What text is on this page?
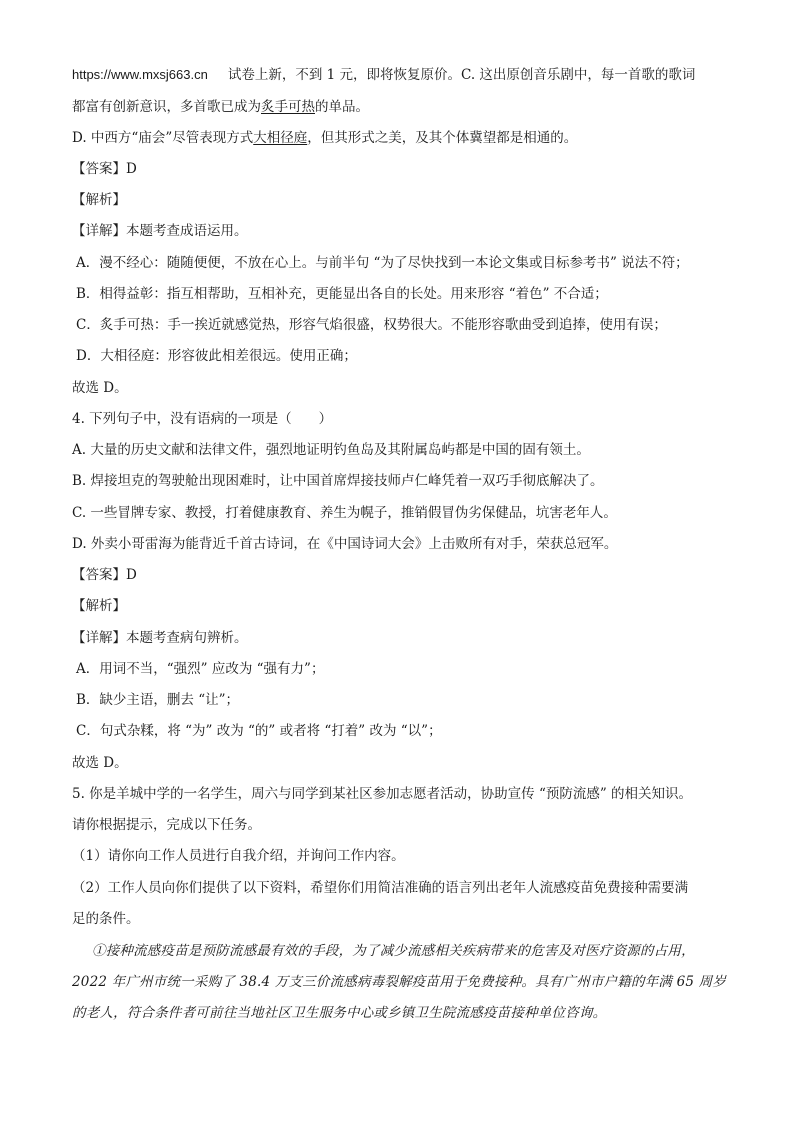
https://www.mxsj663.cn 试卷上新，不到 1 元，即将恢复原价。C. 这出原创音乐剧中，每一首歌的歌词
都富有创新意识，多首歌已成为炙手可热的单品。
D. 中西方“庙会”尽管表现方式大相径庭，但其形式之美，及其个体冀望都是相通的。
【答案】D
【解析】
【详解】本题考查成语运用。
A．漫不经心：随随便便，不放在心上。与前半句 “为了尽快找到一本论文集或目标参考书” 说法不符；
B．相得益彰：指互相帮助，互相补充，更能显出各自的长处。用来形容 “着色” 不合适；
C．炙手可热：手一挨近就感觉热，形容气焰很盛，权势很大。不能形容歌曲受到追捧，使用有误；
D．大相径庭：形容彼此相差很远。使用正确；
故选 D。
4. 下列句子中，没有语病的一项是（　　）
A. 大量的历史文献和法律文件，强烈地证明钓鱼岛及其附属岛屿都是中国的固有领土。
B. 焊接坦克的驾驶舱出现困难时，让中国首席焊接技师卢仁峰凭着一双巧手彻底解决了。
C. 一些冒牌专家、教授，打着健康教育、养生为幌子，推销假冒伪劣保健品，坑害老年人。
D. 外卖小哥雷海为能背近千首古诗词，在《中国诗词大会》上击败所有对手，荣获总冠军。
【答案】D
【解析】
【详解】本题考查病句辨析。
A．用词不当，“强烈” 应改为 “强有力”；
B．缺少主语，删去 “让”；
C．句式杂糅，将 “为” 改为 “的” 或者将 “打着” 改为 “以”；
故选 D。
5. 你是羊城中学的一名学生，周六与同学到某社区参加志愿者活动，协助宣传 “预防流感” 的相关知识。
请你根据提示，完成以下任务。
（1）请你向工作人员进行自我介绍，并询问工作内容。
（2）工作人员向你们提供了以下资料，希望你们用简洁准确的语言列出老年人流感疫苗免费接种需要满
足的条件。
①接种流感疫苗是预防流感最有效的手段，为了减少流感相关疾病带来的危害及对医疗资源的占用，
2022 年广州市统一采购了 38.4 万支三价流感病毒裂解疫苗用于免费接种。具有广州市户籍的年满 65 周岁
的老人，符合条件者可前往当地社区卫生服务中心或乡镇卫生院流感疫苗接种单位咨询。
